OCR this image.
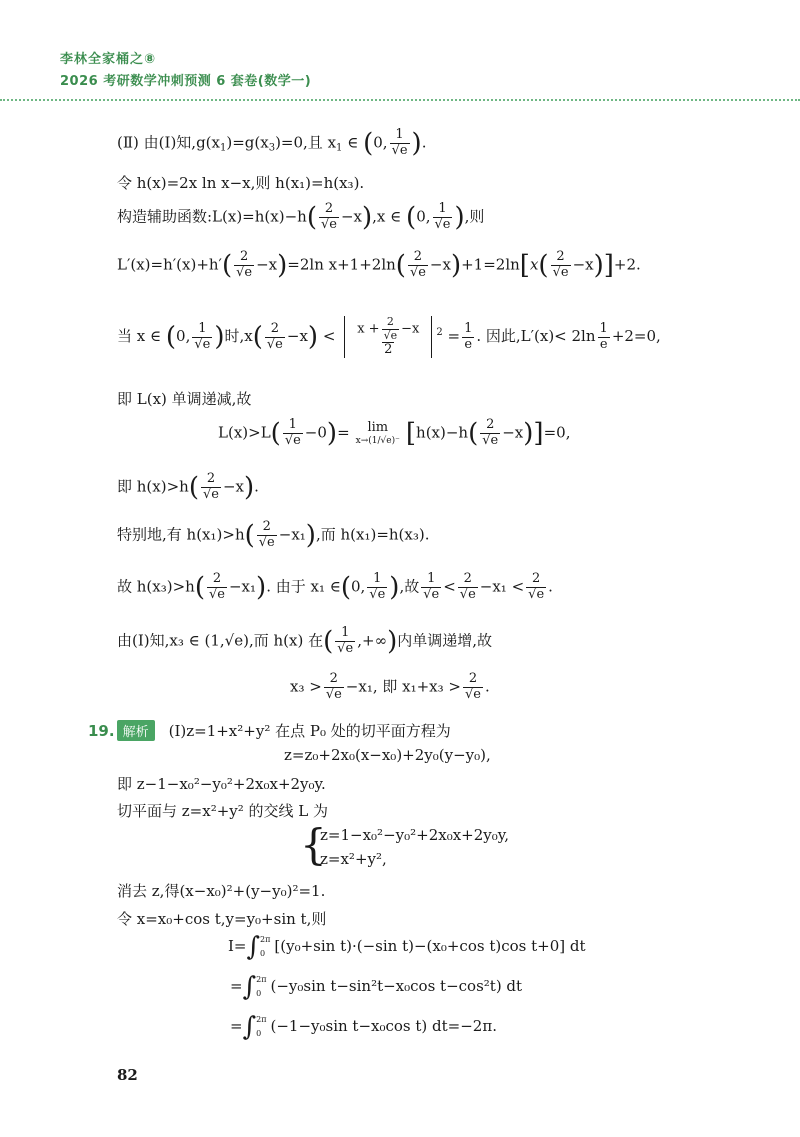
李林全家桶之⑧
2026 考研数学冲刺预测 6 套卷(数学一)
(Ⅱ) 由(Ⅰ)知$,g(x_1)=g(x_3)=0$,且 $x_1$ ∈ (0, $\frac{1}{√e}$ ).
令 h(x)=2x ln x−x,则 h(x₁)=h(x₃).
构造辅助函数:L(x)=h(x)−h( $\frac{2}{√e} -x),x$ ∈ (0, $\frac{1}{√e}$ ),则
$L'(x)=h'(x)+h'( \frac{2}{√e} -x)=2\ln$ $x+1+2\ln( \frac{2}{√e} -x)+1=2\ln[x( \frac{2}{√e} -x)]+2$.
当 x ∈ (0, $\frac{1}{√e}$ )时$,x( \frac{2}{√e} -x) < \frac{x + \frac{2}{√e} -x}{2} ^2 = \frac{1}{e}$ . 因此$,L'(x)< 2\ln \frac{1}{e} +2=0$,
即 L(x) 单调递减,故
$L(x)>L( \frac{1}{√e} -0)= \lim$
x→(1/√e)⁻ $[h(x)-h( \frac{2}{√e} -x)]=0$,
即 $h(x)>h( \frac{2}{√e} -x)$.
特别地,有 $h(x_1)>h( \frac{2}{√e} -x_1)$,而 h(x₁)=h(x₃).
故 $h(x_3)>h( \frac{2}{√e} -x_1)$. 由于 x₁ ∈(0, $\frac{1}{√e}$ ),故 $\frac{1}{√e} < \frac{2}{√e} -x_1 < \frac{2}{√e}$ .
由(Ⅰ)知,x₃ ∈ (1,√e),而 h(x) 在( $\frac{1}{√e}$ ,+∞)内单调递增,故
$x_3 > \frac{2}{√e} -x_1$, 即 $x_1+x_3 > \frac{2}{√e}$ .
19. 解析 (Ⅰ)z=1+x²+y² 在点 P₀ 处的切平面方程为
z=z₀+2x₀(x−x₀)+2y₀(y−y₀),
即 z−1−x₀²−y₀²+2x₀x+2y₀y.
切平面与 z=x²+y² 的交线 L 为
{
z=1−x₀²−y₀²+2x₀x+2y₀y,
z=x²+y²,
消去 z,得(x−x₀)²+(y−y₀)²=1.
令 x=x₀+cos t,y=y₀+sin t,则
I=∫ 2π
0 [(y₀+sin t)·(−sin t)−(x₀+cos t)cos t+0] dt
=∫ 2π
0 (−y₀sin t−sin²t−x₀cos t−cos²t) dt
=∫ 2π
0 (−1−y₀sin t−x₀cos t) dt=−2π.
82
